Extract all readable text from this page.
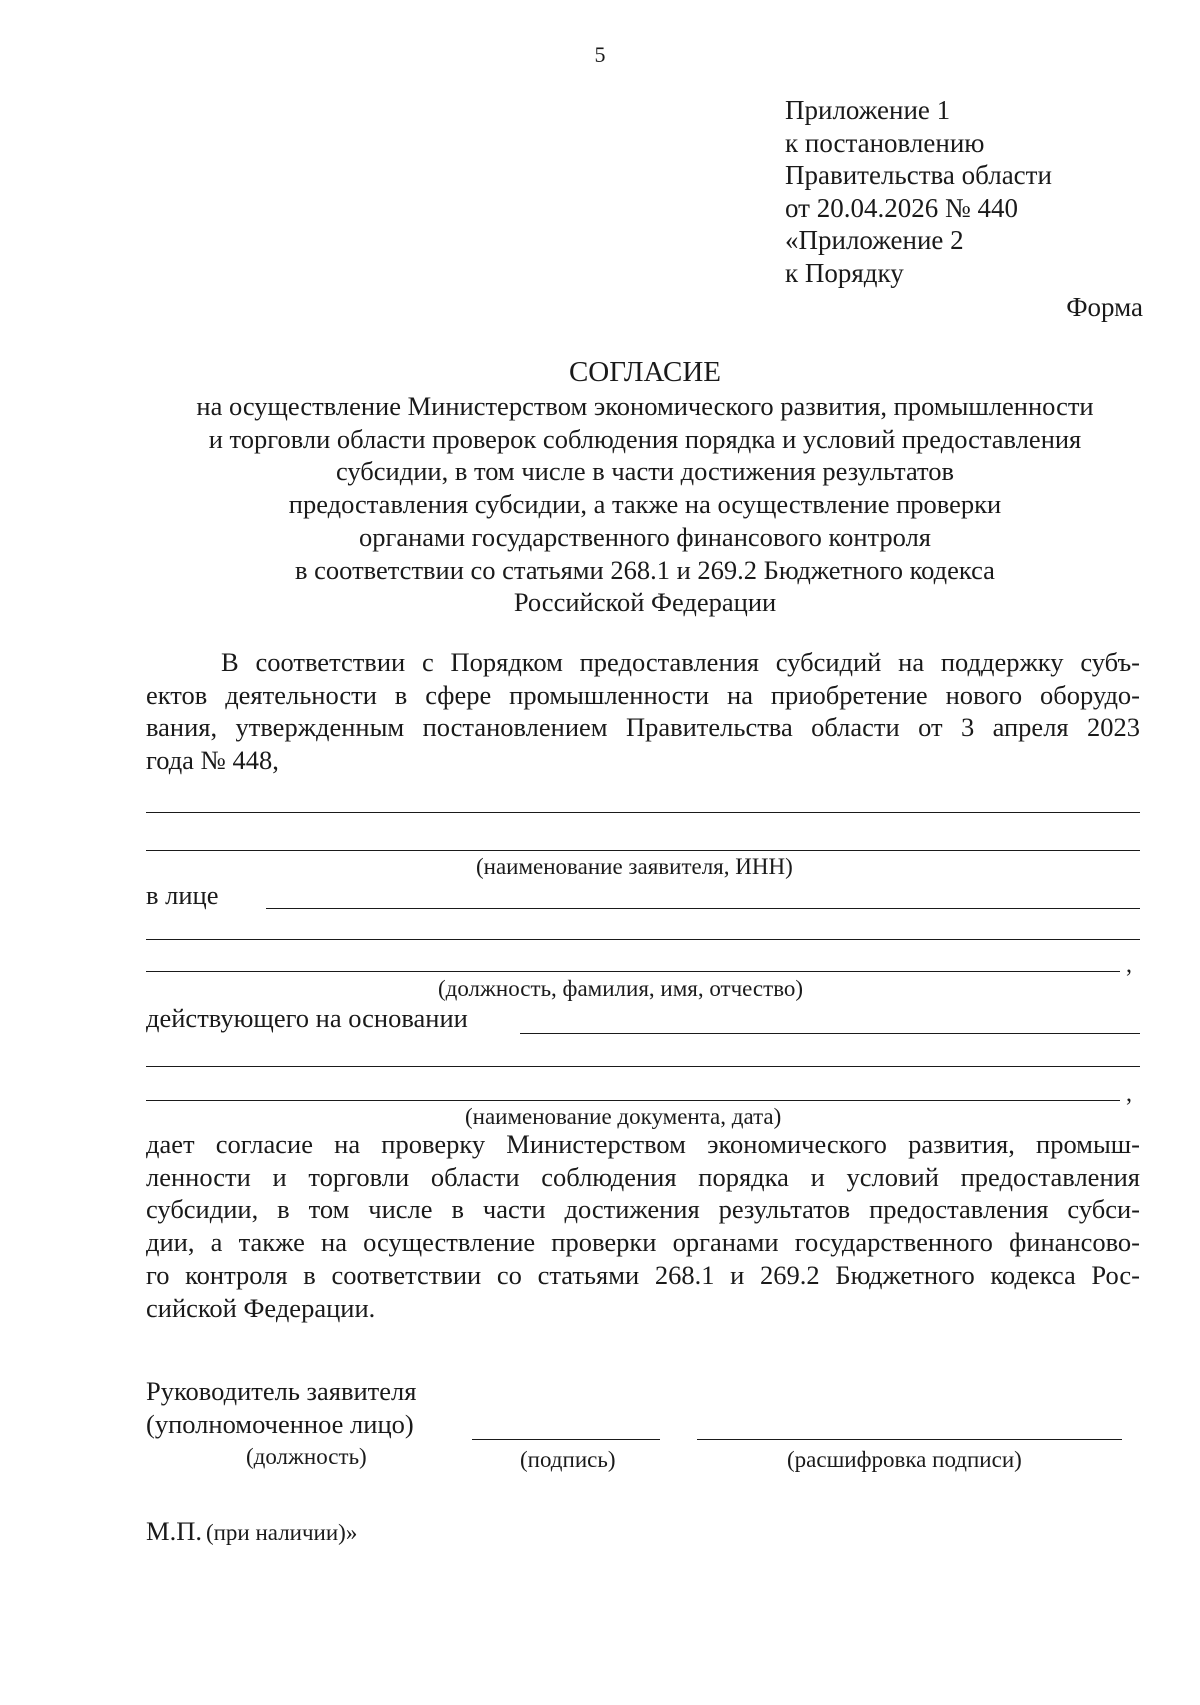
5
Приложение 1
к постановлению
Правительства области
от 20.04.2026 № 440
«Приложение 2
к Порядку
Форма
СОГЛАСИЕ
на осуществление Министерством экономического развития, промышленности
и торговли области проверок соблюдения порядка и условий предоставления
субсидии, в том числе в части достижения результатов
предоставления субсидии, а также на осуществление проверки
органами государственного финансового контроля
в соответствии со статьями 268.1 и 269.2 Бюджетного кодекса
Российской Федерации
В соответствии с Порядком предоставления субсидий на поддержку субъ-
ектов деятельности в сфере промышленности на приобретение нового оборудо-
вания, утвержденным постановлением Правительства области от 3 апреля 2023
года № 448,
(наименование заявителя, ИНН)
в лице
,
(должность, фамилия, имя, отчество)
действующего на основании
,
(наименование документа, дата)
дает согласие на проверку Министерством экономического развития, промыш-
ленности и торговли области соблюдения порядка и условий предоставления
субсидии, в том числе в части достижения результатов предоставления субси-
дии, а также на осуществление проверки органами государственного финансово-
го контроля в соответствии со статьями 268.1 и 269.2 Бюджетного кодекса Рос-
сийской Федерации.
Руководитель заявителя
(уполномоченное лицо)
(должность)	(подпись)	(расшифровка подписи)
М.П. (при наличии)»
